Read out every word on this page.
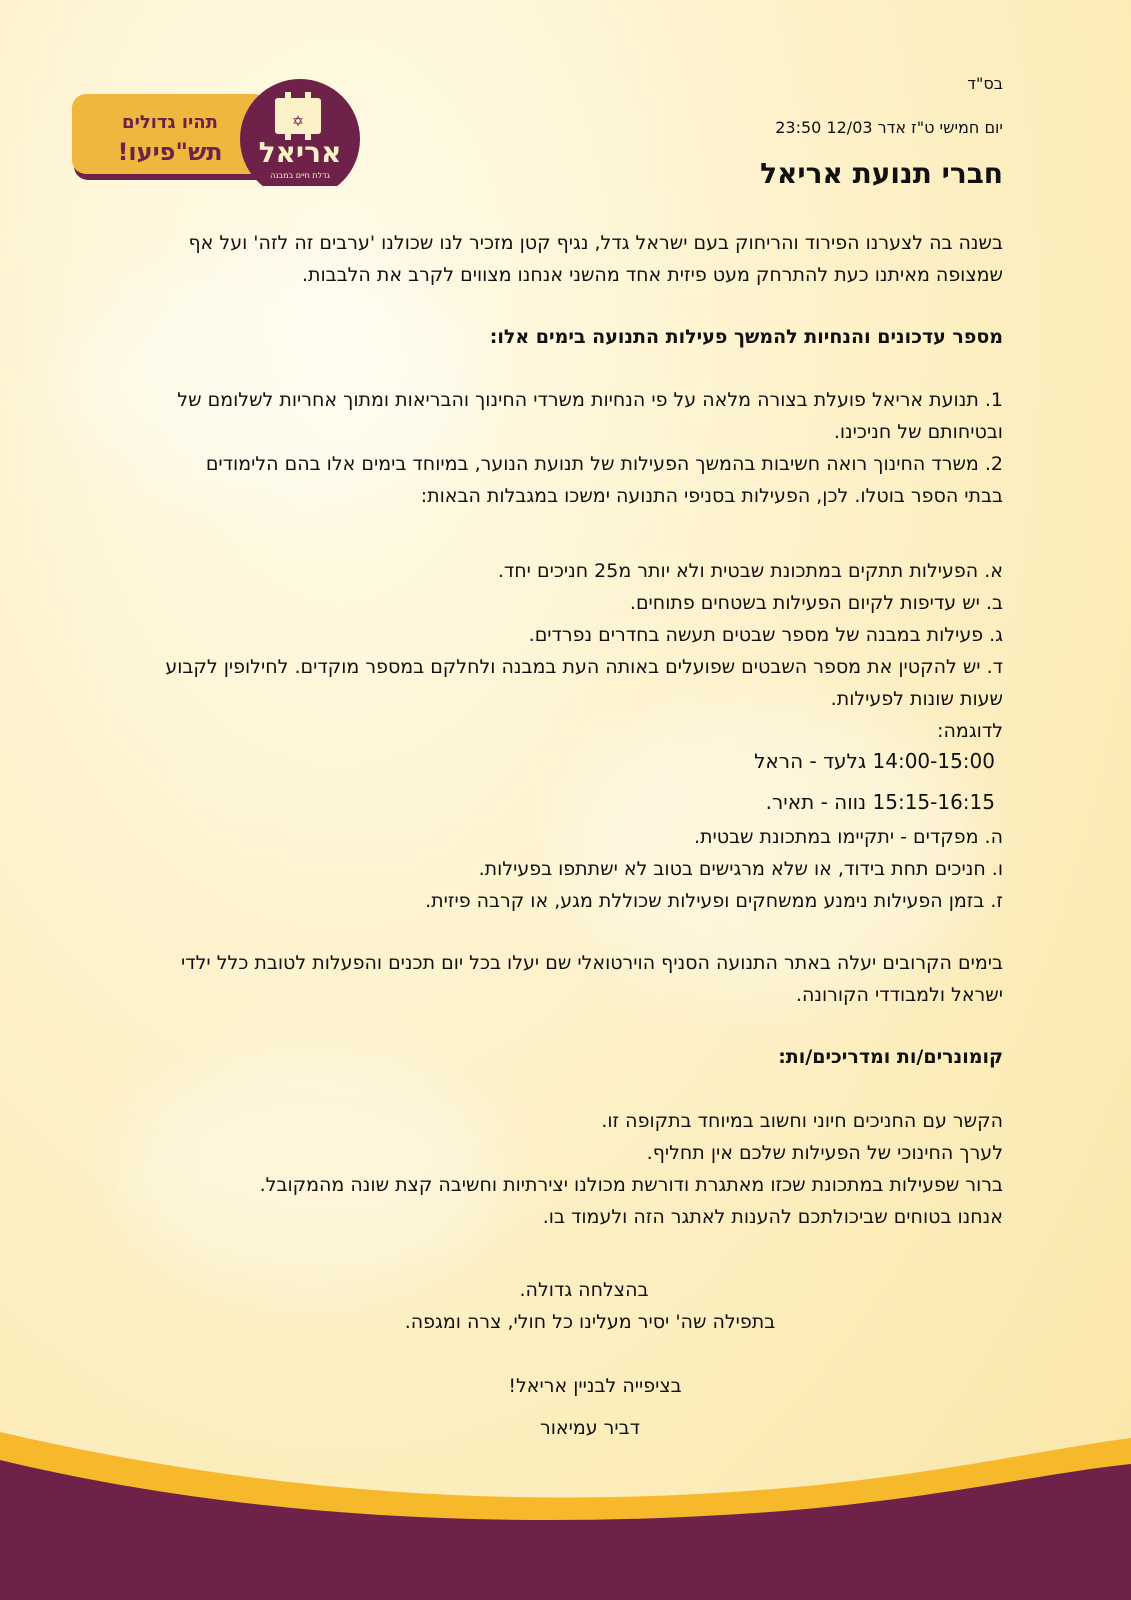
✡
אריאל
גדלת חיים במבנה
תהיו גדולים
תש"פיעו!
בס"ד
יום חמישי ט"ז אדר 12/03 23:50
חברי תנועת אריאל
בשנה בה לצערנו הפירוד והריחוק בעם ישראל גדל, נגיף קטן מזכיר לנו שכולנו 'ערבים זה לזה' ועל אף
שמצופה מאיתנו כעת להתרחק מעט פיזית אחד מהשני אנחנו מצווים לקרב את הלבבות.
מספר עדכונים והנחיות להמשך פעילות התנועה בימים אלו:
1. תנועת אריאל פועלת בצורה מלאה על פי הנחיות משרדי החינוך והבריאות ומתוך אחריות לשלומם של
ובטיחותם של חניכינו.
2. משרד החינוך רואה חשיבות בהמשך הפעילות של תנועת הנוער, במיוחד בימים אלו בהם הלימודים
בבתי הספר בוטלו. לכן, הפעילות בסניפי התנועה ימשכו במגבלות הבאות:
א. הפעילות תתקים במתכונת שבטית ולא יותר מ25 חניכים יחד.
ב. יש עדיפות לקיום הפעילות בשטחים פתוחים.
ג. פעילות במבנה של מספר שבטים תעשה בחדרים נפרדים.
ד. יש להקטין את מספר השבטים שפועלים באותה העת במבנה ולחלקם במספר מוקדים. לחילופין לקבוע
שעות שונות לפעילות.
לדוגמה:
14:00-15:00 גלעד - הראל
15:15-16:15 נווה - תאיר.
ה. מפקדים - יתקיימו במתכונת שבטית.
ו. חניכים תחת בידוד, או שלא מרגישים בטוב לא ישתתפו בפעילות.
ז. בזמן הפעילות נימנע ממשחקים ופעילות שכוללת מגע, או קרבה פיזית.
בימים הקרובים יעלה באתר התנועה הסניף הוירטואלי שם יעלו בכל יום תכנים והפעלות לטובת כלל ילדי
ישראל ולמבודדי הקורונה.
קומונרים/ות ומדריכים/ות:
הקשר עם החניכים חיוני וחשוב במיוחד בתקופה זו.
לערך החינוכי של הפעילות שלכם אין תחליף.
ברור שפעילות במתכונת שכזו מאתגרת ודורשת מכולנו יצירתיות וחשיבה קצת שונה מהמקובל.
אנחנו בטוחים שביכולתכם להענות לאתגר הזה ולעמוד בו.
בהצלחה גדולה.
בתפילה שה' יסיר מעלינו כל חולי, צרה ומגפה.
בציפייה לבניין אריאל!
דביר עמיאור
